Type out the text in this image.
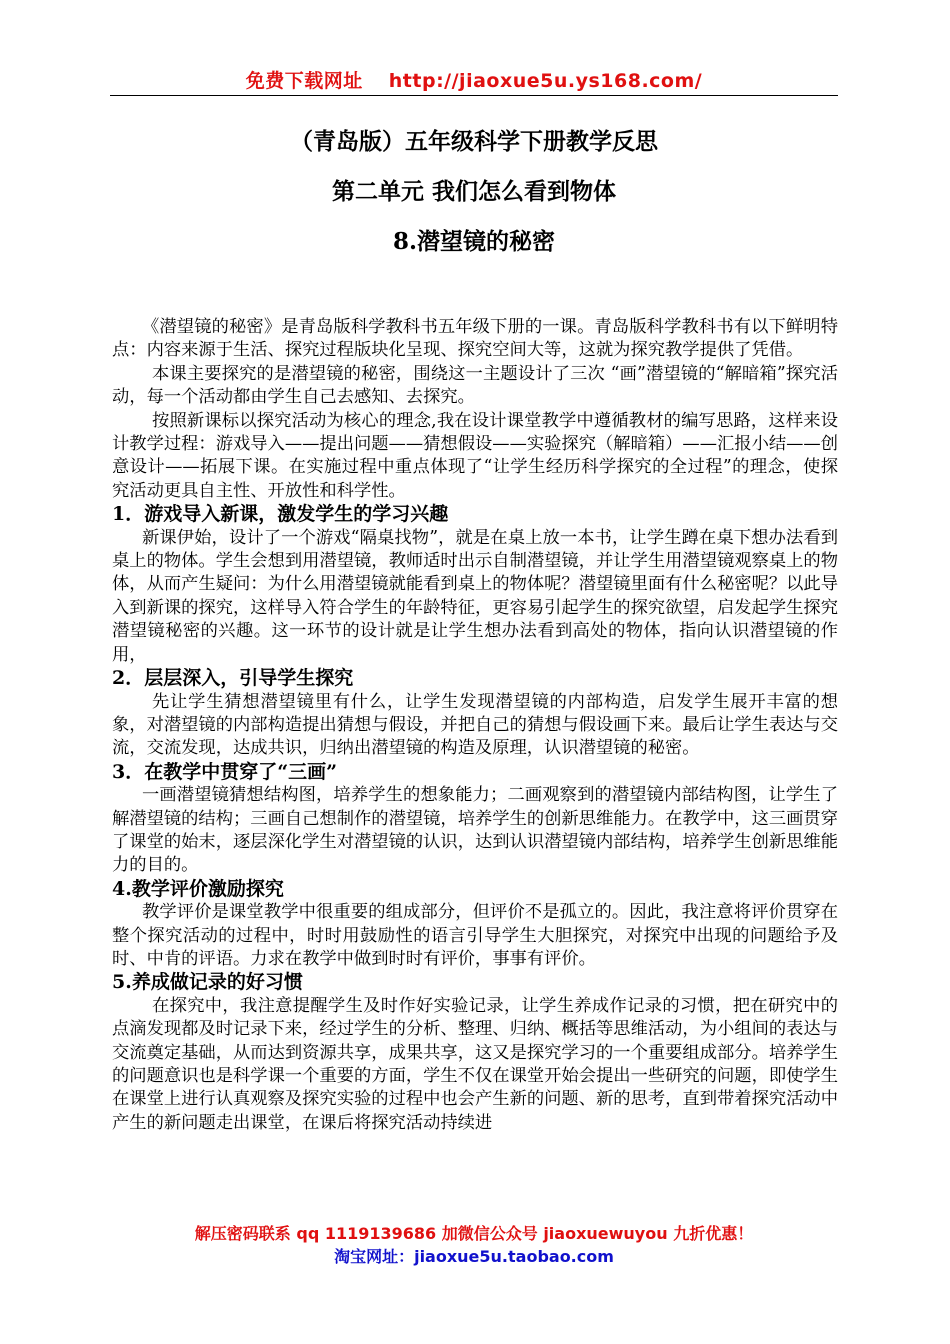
免费下载网址 http://jiaoxue5u.ys168.com/
（青岛版）五年级科学下册教学反思
第二单元 我们怎么看到物体
8.潜望镜的秘密

《潜望镜的秘密》是青岛版科学教科书五年级下册的一课。青岛版科学教科书有以下鲜明特点：内容来源于生活、探究过程版块化呈现、探究空间大等，这就为探究教学提供了凭借。

本课主要探究的是潜望镜的秘密，围绕这一主题设计了三次 “画”潜望镜的“解暗箱”探究活动，每一个活动都由学生自己去感知、去探究。

按照新课标以探究活动为核心的理念,我在设计课堂教学中遵循教材的编写思路，这样来设计教学过程：游戏导入——提出问题——猜想假设——实验探究（解暗箱）——汇报小结——创意设计——拓展下课。在实施过程中重点体现了“让学生经历科学探究的全过程”的理念，使探究活动更具自主性、开放性和科学性。

1．游戏导入新课，激发学生的学习兴趣

新课伊始，设计了一个游戏“隔桌找物”，就是在桌上放一本书，让学生蹲在桌下想办法看到桌上的物体。学生会想到用潜望镜，教师适时出示自制潜望镜，并让学生用潜望镜观察桌上的物体，从而产生疑问：为什么用潜望镜就能看到桌上的物体呢？潜望镜里面有什么秘密呢？以此导入到新课的探究，这样导入符合学生的年龄特征，更容易引起学生的探究欲望，启发起学生探究潜望镜秘密的兴趣。这一环节的设计就是让学生想办法看到高处的物体，指向认识潜望镜的作用，

2．层层深入，引导学生探究

先让学生猜想潜望镜里有什么，让学生发现潜望镜的内部构造，启发学生展开丰富的想象，对潜望镜的内部构造提出猜想与假设，并把自己的猜想与假设画下来。最后让学生表达与交流，交流发现，达成共识，归纳出潜望镜的构造及原理，认识潜望镜的秘密。

3．在教学中贯穿了“三画”

一画潜望镜猜想结构图，培养学生的想象能力；二画观察到的潜望镜内部结构图，让学生了解潜望镜的结构；三画自己想制作的潜望镜，培养学生的创新思维能力。在教学中，这三画贯穿了课堂的始末，逐层深化学生对潜望镜的认识，达到认识潜望镜内部结构，培养学生创新思维能力的目的。

4.教学评价激励探究

教学评价是课堂教学中很重要的组成部分，但评价不是孤立的。因此，我注意将评价贯穿在整个探究活动的过程中，时时用鼓励性的语言引导学生大胆探究，对探究中出现的问题给予及时、中肯的评语。力求在教学中做到时时有评价，事事有评价。

5.养成做记录的好习惯

在探究中，我注意提醒学生及时作好实验记录，让学生养成作记录的习惯，把在研究中的点滴发现都及时记录下来，经过学生的分析、整理、归纳、概括等思维活动，为小组间的表达与交流奠定基础，从而达到资源共享，成果共享，这又是探究学习的一个重要组成部分。培养学生的问题意识也是科学课一个重要的方面，学生不仅在课堂开始会提出一些研究的问题，即使学生在课堂上进行认真观察及探究实验的过程中也会产生新的问题、新的思考，直到带着探究活动中产生的新问题走出课堂，在课后将探究活动持续进

解压密码联系 qq 1119139686 加微信公众号 jiaoxuewuyou 九折优惠！
淘宝网址：jiaoxue5u.taobao.com
